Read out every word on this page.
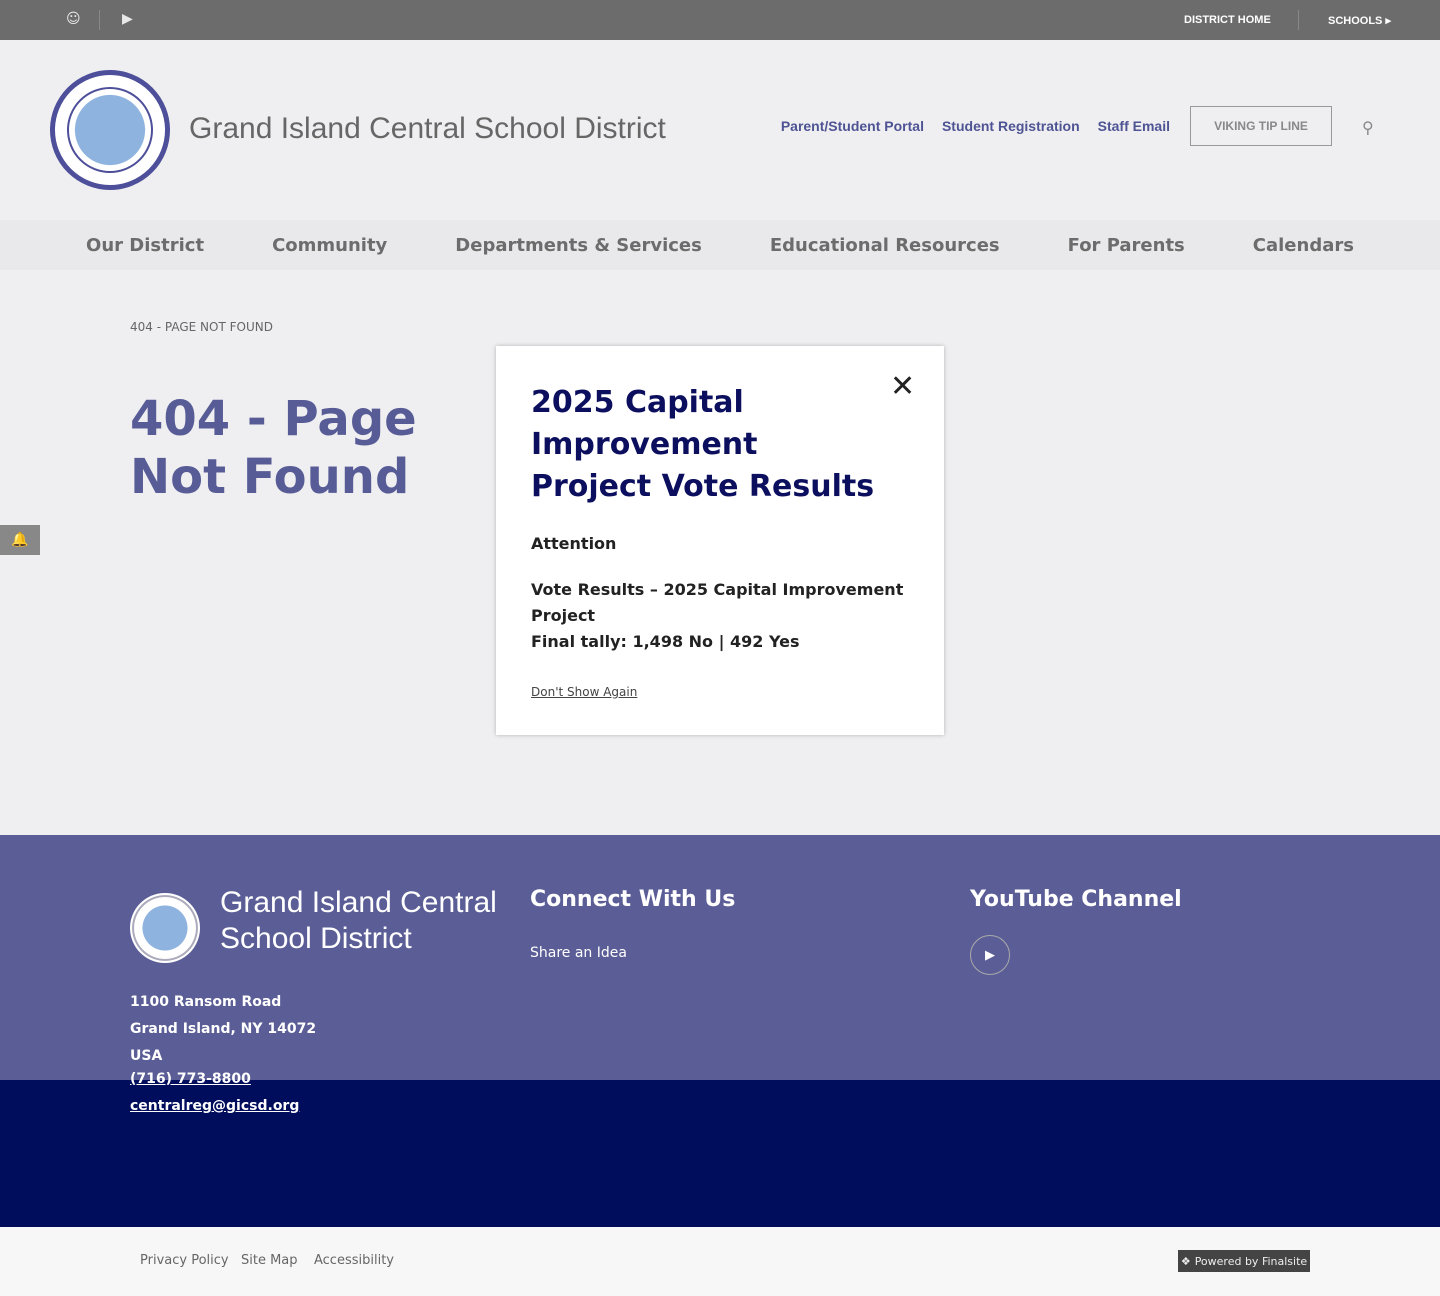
☺	▶	DISTRICT HOME	SCHOOLS ▸
Grand Island Central School District	Parent/Student Portal Student Registration Staff Email	VIKING TIP LINE	⚲
Our District	Community	Departments & Services	Educational Resources	For Parents	Calendars
404 - PAGE NOT FOUND
404 - Page Not Found
🔔
✕
2025 Capital Improvement Project Vote Results
Attention
Vote Results – 2025 Capital Improvement Project
Final tally: 1,498 No | 492 Yes
Don't Show Again
Grand Island Central School District
1100 Ransom Road
Grand Island, NY 14072
USA
(716) 773-8800
centralreg@gicsd.org
Connect With Us
Share an Idea
YouTube Channel
▶
Privacy Policy Site Map Accessibility	❖ Powered by Finalsite
